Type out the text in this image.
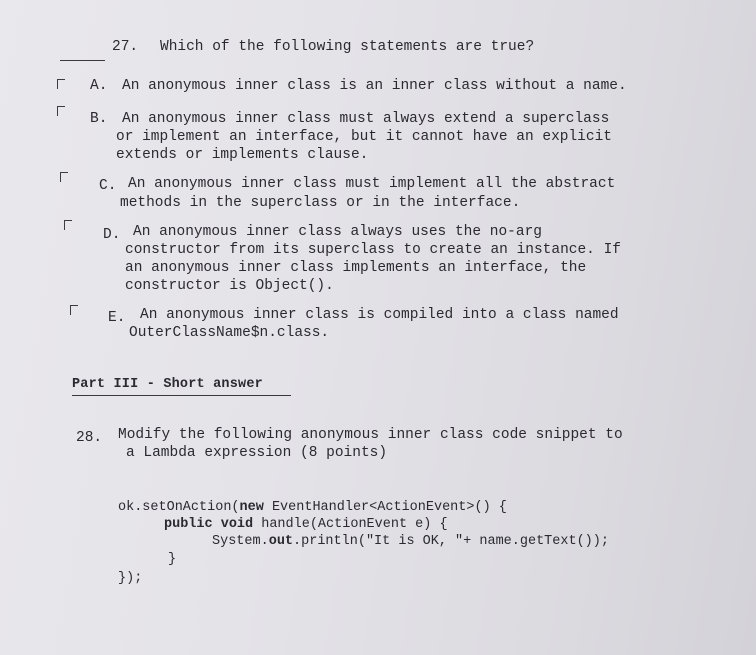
27. Which of the following statements are true?
A. An anonymous inner class is an inner class without a name.
B. An anonymous inner class must always extend a superclass
or implement an interface, but it cannot have an explicit
extends or implements clause.
C. An anonymous inner class must implement all the abstract
methods in the superclass or in the interface.
D. An anonymous inner class always uses the no-arg
constructor from its superclass to create an instance. If
an anonymous inner class implements an interface, the
constructor is Object().
E. An anonymous inner class is compiled into a class named
OuterClassName$n.class.
Part III - Short answer
28. Modify the following anonymous inner class code snippet to
a Lambda expression (8 points)
ok.setOnAction(new EventHandler<ActionEvent>() {
public void handle(ActionEvent e) {
System.out.println("It is OK, "+ name.getText());
}
});
